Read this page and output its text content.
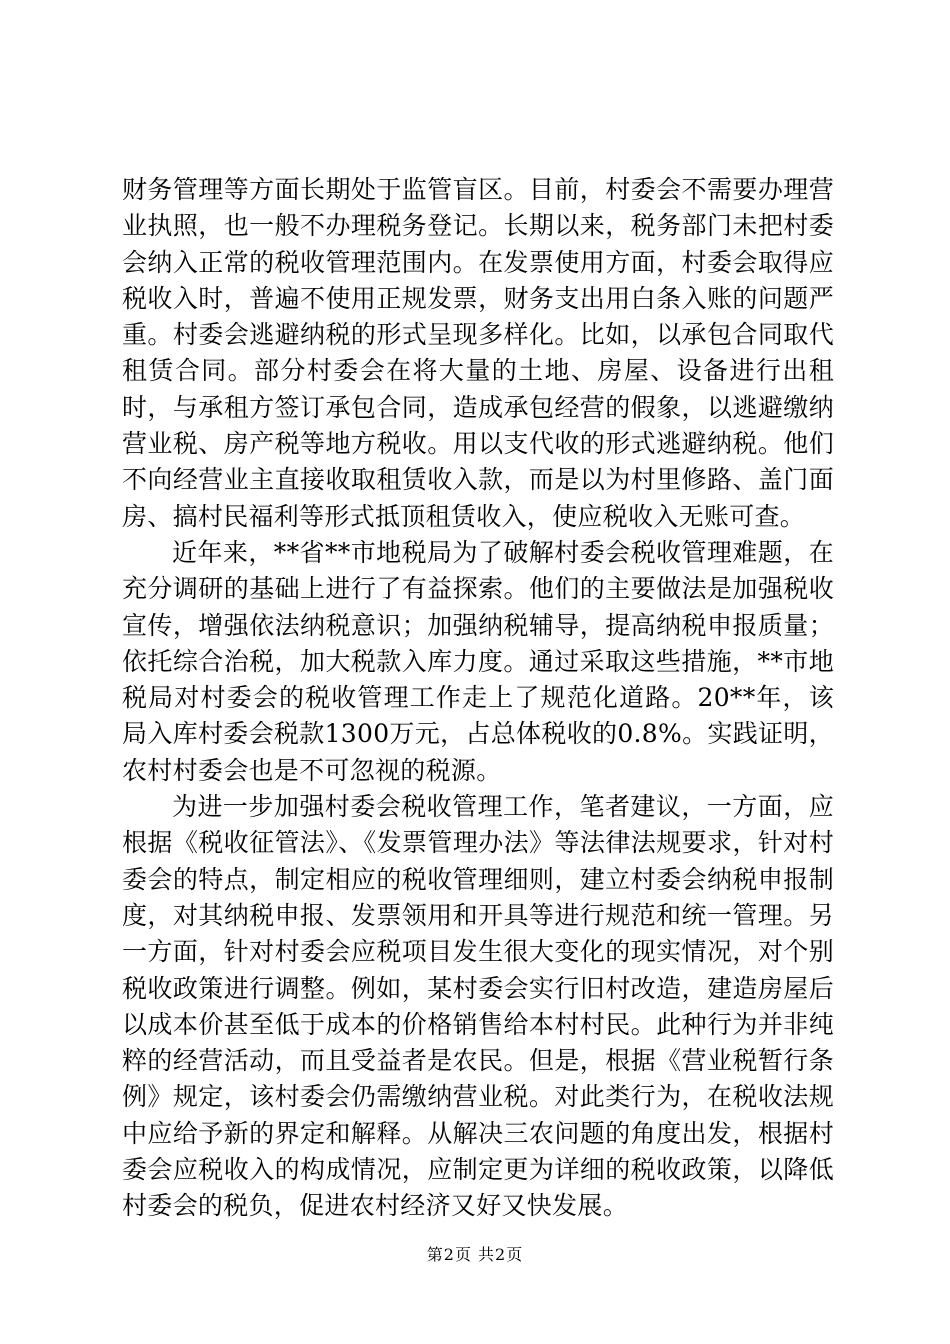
财务管理等方面长期处于监管盲区。目前，村委会不需要办理营业执照，也一般不办理税务登记。长期以来，税务部门未把村委会纳入正常的税收管理范围内。在发票使用方面，村委会取得应税收入时，普遍不使用正规发票，财务支出用白条入账的问题严重。村委会逃避纳税的形式呈现多样化。比如，以承包合同取代租赁合同。部分村委会在将大量的土地、房屋、设备进行出租时，与承租方签订承包合同，造成承包经营的假象，以逃避缴纳营业税、房产税等地方税收。用以支代收的形式逃避纳税。他们不向经营业主直接收取租赁收入款，而是以为村里修路、盖门面房、搞村民福利等形式抵顶租赁收入，使应税收入无账可查。

近年来，**省**市地税局为了破解村委会税收管理难题，在充分调研的基础上进行了有益探索。他们的主要做法是加强税收宣传，增强依法纳税意识；加强纳税辅导，提高纳税申报质量；依托综合治税，加大税款入库力度。通过采取这些措施，**市地税局对村委会的税收管理工作走上了规范化道路。20**年，该局入库村委会税款1300万元，占总体税收的0.8%。实践证明，农村村委会也是不可忽视的税源。

为进一步加强村委会税收管理工作，笔者建议，一方面，应根据《税收征管法》、《发票管理办法》等法律法规要求，针对村委会的特点，制定相应的税收管理细则，建立村委会纳税申报制度，对其纳税申报、发票领用和开具等进行规范和统一管理。另一方面，针对村委会应税项目发生很大变化的现实情况，对个别税收政策进行调整。例如，某村委会实行旧村改造，建造房屋后以成本价甚至低于成本的价格销售给本村村民。此种行为并非纯粹的经营活动，而且受益者是农民。但是，根据《营业税暂行条例》规定，该村委会仍需缴纳营业税。对此类行为，在税收法规中应给予新的界定和解释。从解决三农问题的角度出发，根据村委会应税收入的构成情况，应制定更为详细的税收政策，以降低村委会的税负，促进农村经济又好又快发展。

第2页 共2页
